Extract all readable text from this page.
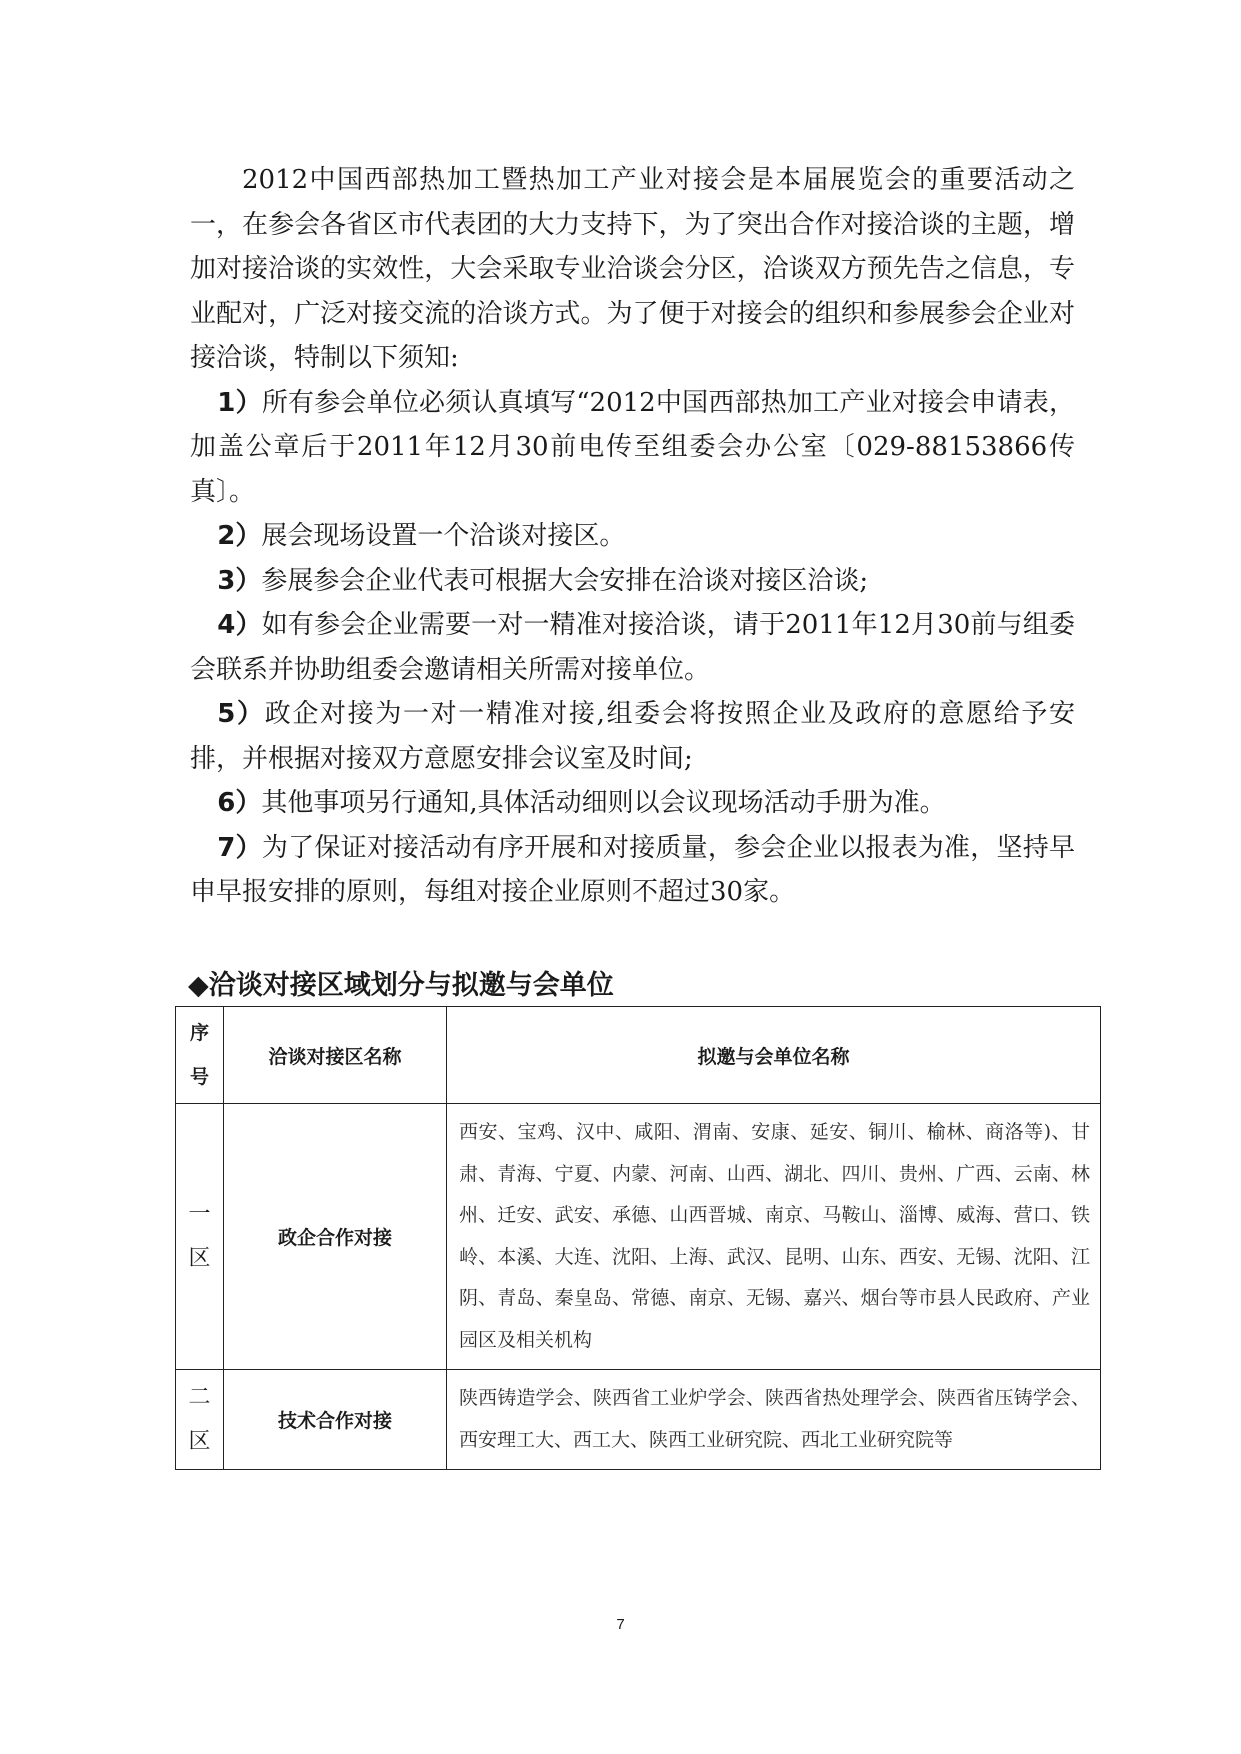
2012中国西部热加工暨热加工产业对接会是本届展览会的重要活动之一，在参会各省区市代表团的大力支持下，为了突出合作对接洽谈的主题，增加对接洽谈的实效性，大会采取专业洽谈会分区，洽谈双方预先告之信息，专业配对，广泛对接交流的洽谈方式。为了便于对接会的组织和参展参会企业对接洽谈，特制以下须知:

1）所有参会单位必须认真填写“2012中国西部热加工产业对接会申请表，加盖公章后于2011年12月30前电传至组委会办公室〔029-88153866传真〕。

2）展会现场设置一个洽谈对接区。

3）参展参会企业代表可根据大会安排在洽谈对接区洽谈;

4）如有参会企业需要一对一精准对接洽谈，请于2011年12月30前与组委会联系并协助组委会邀请相关所需对接单位。

5）政企对接为一对一精准对接,组委会将按照企业及政府的意愿给予安排，并根据对接双方意愿安排会议室及时间;

6）其他事项另行通知,具体活动细则以会议现场活动手册为准。

7）为了保证对接活动有序开展和对接质量，参会企业以报表为准，坚持早申早报安排的原则，每组对接企业原则不超过30家。

◆洽谈对接区域划分与拟邀与会单位
序
号	洽谈对接区名称	拟邀与会单位名称

一
区	政企合作对接	西安、宝鸡、汉中、咸阳、渭南、安康、延安、铜川、榆林、商洛等)、甘肃、青海、宁夏、内蒙、河南、山西、湖北、四川、贵州、广西、云南、林州、迁安、武安、承德、山西晋城、南京、马鞍山、淄博、威海、营口、铁岭、本溪、大连、沈阳、上海、武汉、昆明、山东、西安、无锡、沈阳、江阴、青岛、秦皇岛、常德、南京、无锡、嘉兴、烟台等市县人民政府、产业园区及相关机构

二
区	技术合作对接	陕西铸造学会、陕西省工业炉学会、陕西省热处理学会、陕西省压铸学会、西安理工大、西工大、陕西工业研究院、西北工业研究院等
7
